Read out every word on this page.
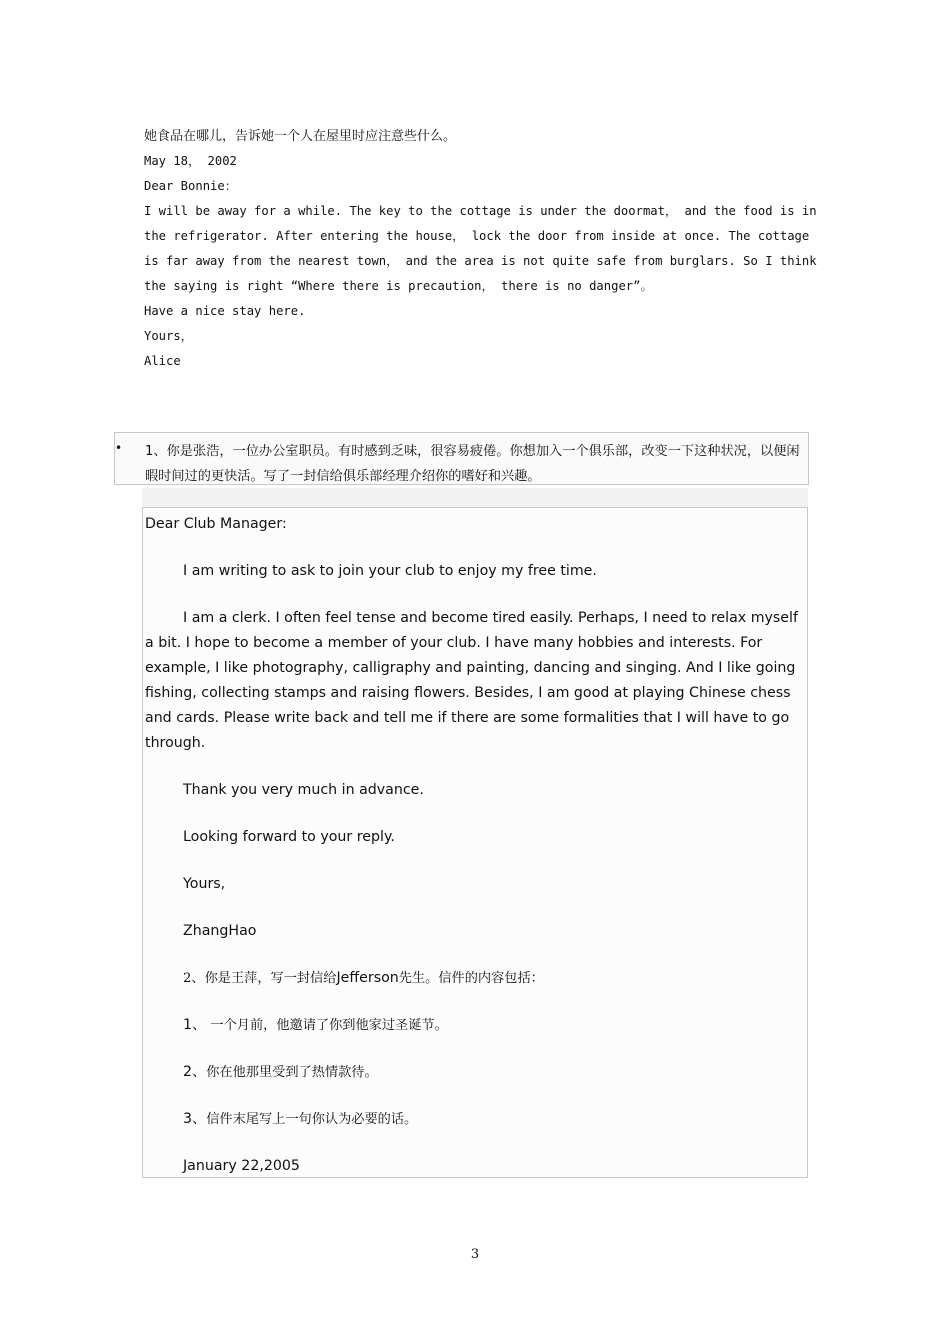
她食品在哪儿，告诉她一个人在屋里时应注意些什么。
May 18， 2002
Dear Bonnie：
I will be away for a while. The key to the cottage is under the doormat， and the food is in
the refrigerator. After entering the house， lock the door from inside at once. The cottage
is far away from the nearest town， and the area is not quite safe from burglars. So I think
the saying is right “Where there is precaution， there is no danger”。
Have a nice stay here.
Yours，
Alice
• 1、你是张浩，一位办公室职员。有时感到乏味，很容易疲倦。你想加入一个俱乐部，改变一下这种状况，以便闲暇时间过的更快活。写了一封信给俱乐部经理介绍你的嗜好和兴趣。

Dear Club Manager:

I am writing to ask to join your club to enjoy my free time.

I am a clerk. I often feel tense and become tired easily. Perhaps, I need to relax myself a bit. I hope to become a member of your club. I have many hobbies and interests. For example, I like photography, calligraphy and painting, dancing and singing. And I like going fishing, collecting stamps and raising flowers. Besides, I am good at playing Chinese chess and cards. Please write back and tell me if there are some formalities that I will have to go through.

Thank you very much in advance.

Looking forward to your reply.

Yours,

ZhangHao

2、你是王萍，写一封信给Jefferson先生。信件的内容包括：

1、 一个月前，他邀请了你到他家过圣诞节。

2、你在他那里受到了热情款待。

3、信件末尾写上一句你认为必要的话。

January 22,2005

3
